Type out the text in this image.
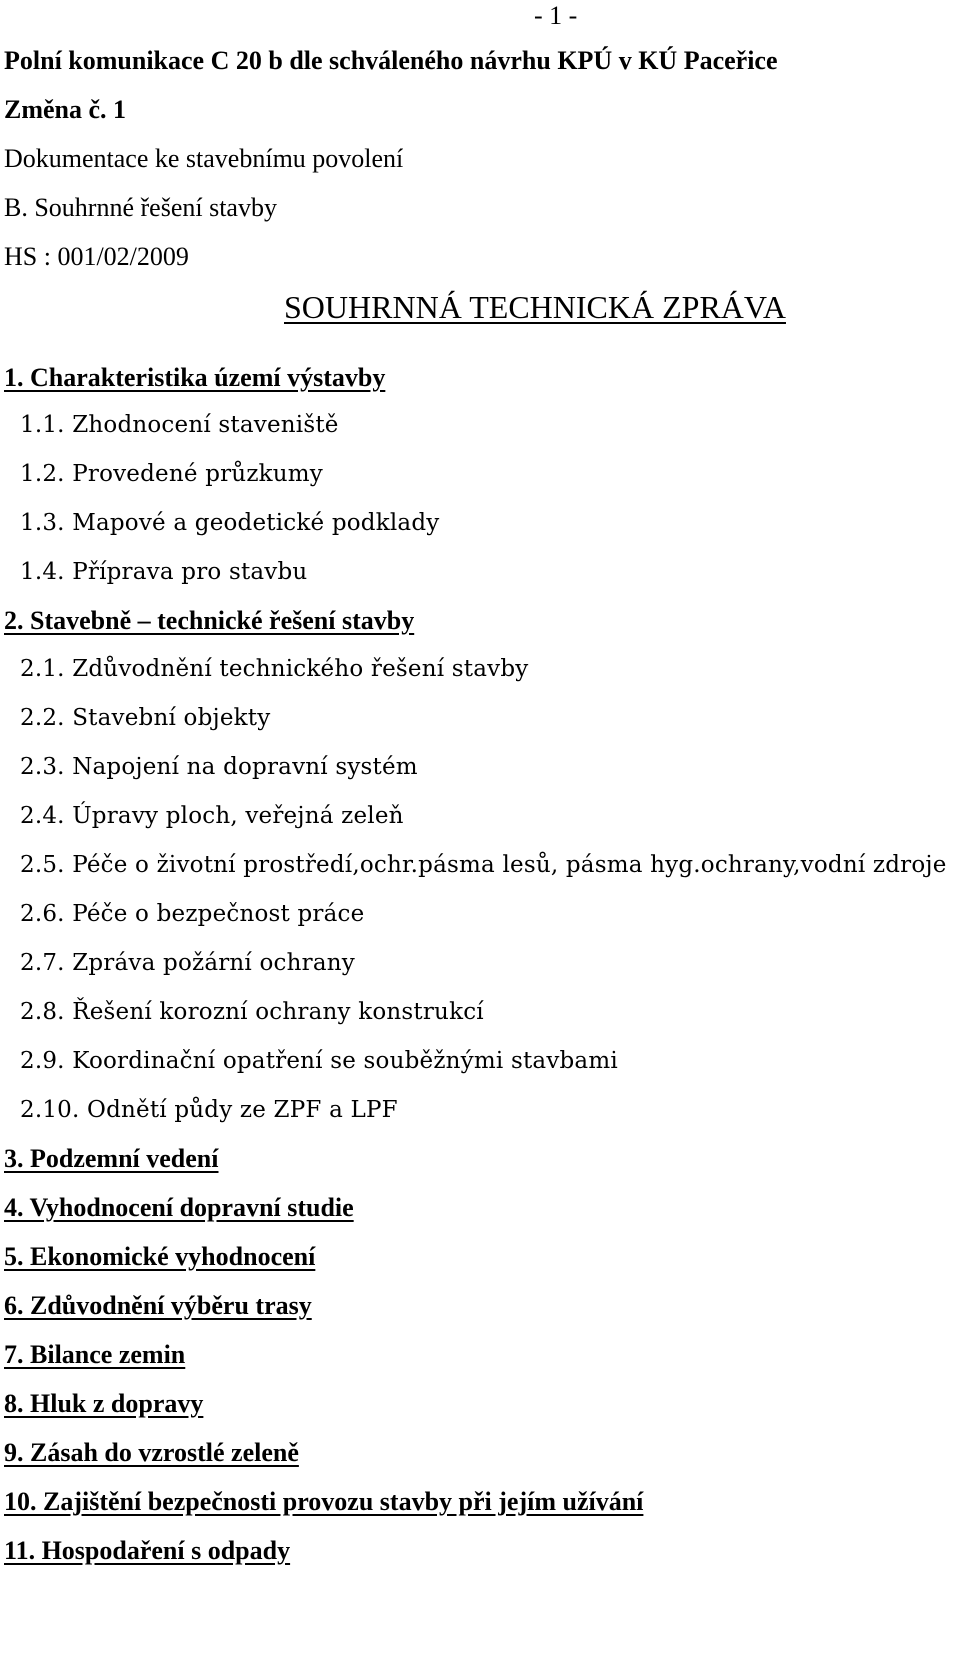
- 1 -
Polní komunikace C 20 b dle schváleného návrhu KPÚ v KÚ Paceřice
Změna č. 1
Dokumentace ke stavebnímu povolení
B. Souhrnné řešení stavby
HS : 001/02/2009
SOUHRNNÁ TECHNICKÁ ZPRÁVA
1. Charakteristika území výstavby
1.1. Zhodnocení staveniště
1.2. Provedené průzkumy
1.3. Mapové a geodetické podklady
1.4. Příprava pro stavbu
2. Stavebně – technické řešení stavby
2.1. Zdůvodnění technického řešení stavby
2.2. Stavební objekty
2.3. Napojení na dopravní systém
2.4. Úpravy ploch, veřejná zeleň
2.5. Péče o životní prostředí,ochr.pásma lesů, pásma hyg.ochrany,vodní zdroje
2.6. Péče o bezpečnost práce
2.7. Zpráva požární ochrany
2.8. Řešení korozní ochrany konstrukcí
2.9. Koordinační opatření se souběžnými stavbami
2.10. Odnětí půdy ze ZPF a LPF
3. Podzemní vedení
4. Vyhodnocení dopravní studie
5. Ekonomické vyhodnocení
6. Zdůvodnění výběru trasy
7. Bilance zemin
8. Hluk z dopravy
9. Zásah do vzrostlé zeleně
10. Zajištění bezpečnosti provozu stavby při jejím užívání
11. Hospodaření s odpady
